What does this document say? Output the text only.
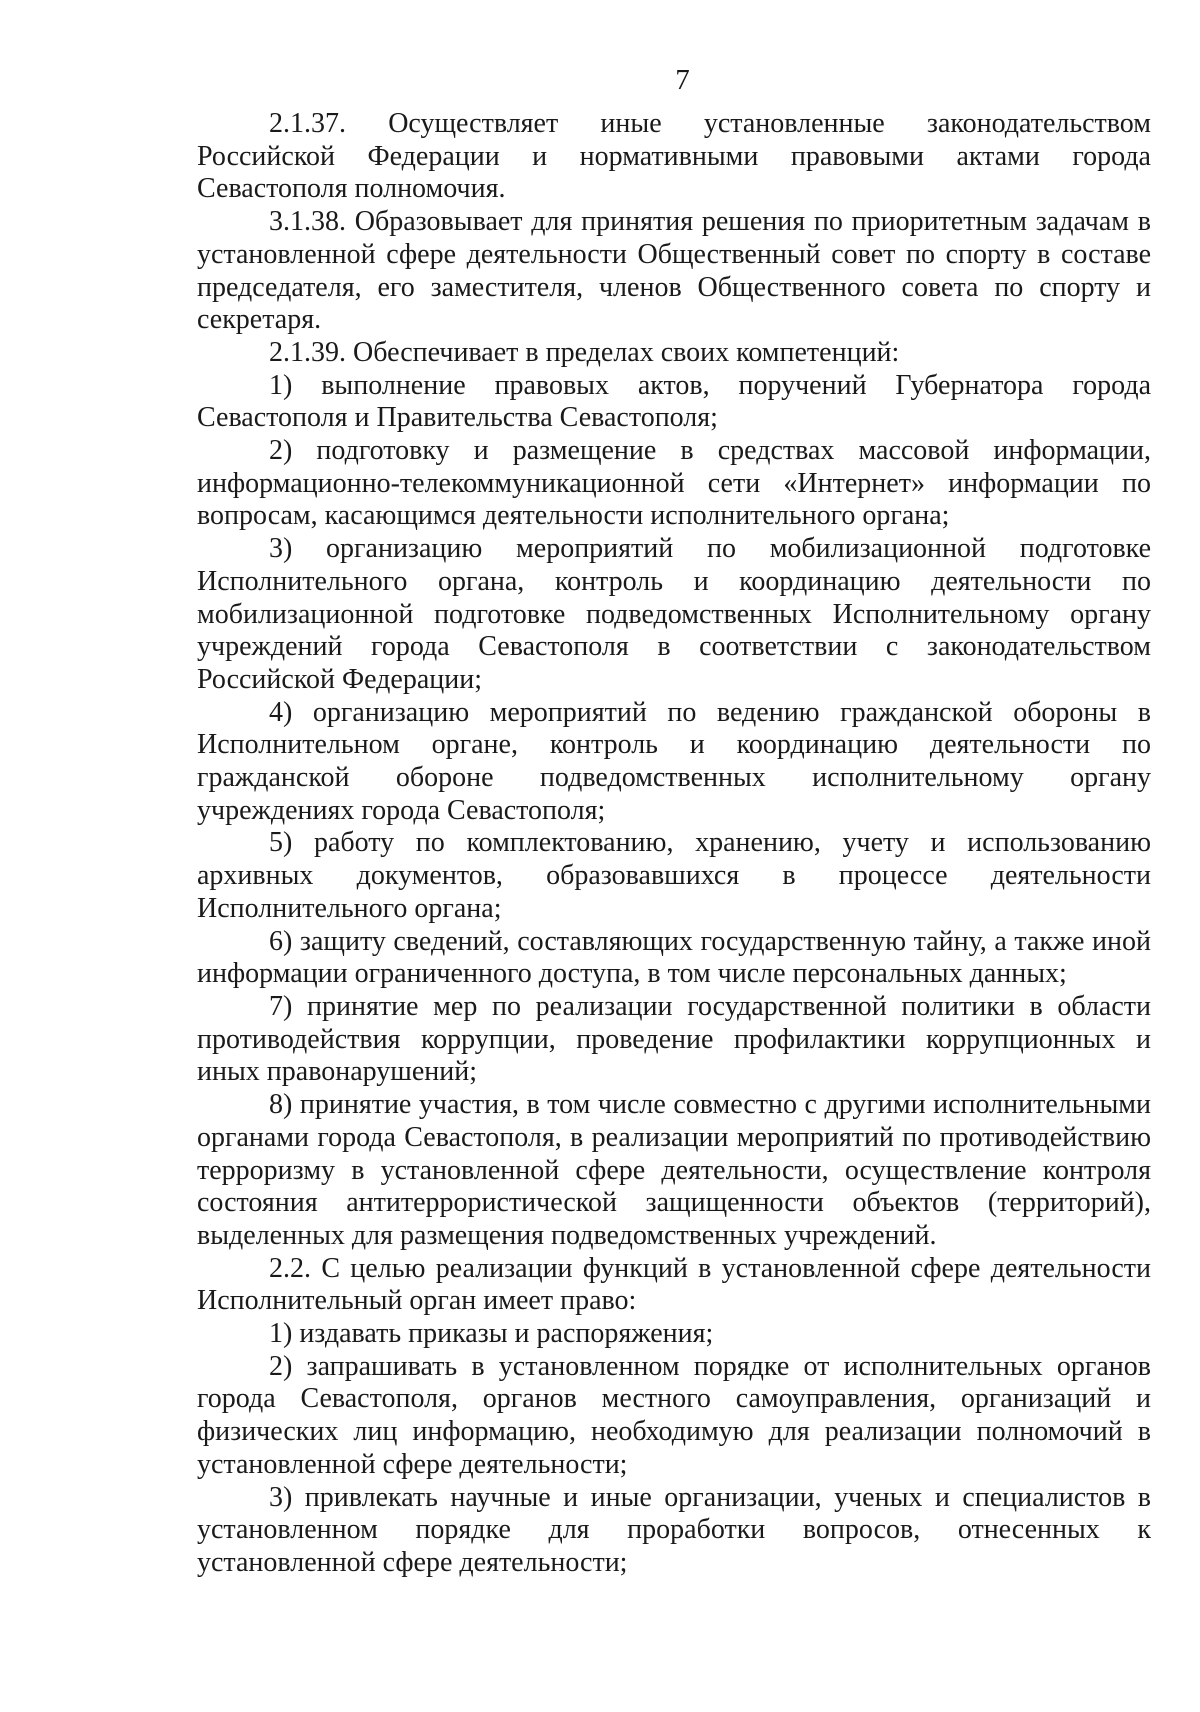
7

2.1.37. Осуществляет иные установленные законодательством Российской Федерации и нормативными правовыми актами города Севастополя полномочия.

3.1.38. Образовывает для принятия решения по приоритетным задачам в установленной сфере деятельности Общественный совет по спорту в составе председателя, его заместителя, членов Общественного совета по спорту и секретаря.

2.1.39. Обеспечивает в пределах своих компетенций:

1) выполнение правовых актов, поручений Губернатора города Севастополя и Правительства Севастополя;

2) подготовку и размещение в средствах массовой информации, информационно-телекоммуникационной сети «Интернет» информации по вопросам, касающимся деятельности исполнительного органа;

3) организацию мероприятий по мобилизационной подготовке Исполнительного органа, контроль и координацию деятельности по мобилизационной подготовке подведомственных Исполнительному органу учреждений города Севастополя в соответствии с законодательством Российской Федерации;

4) организацию мероприятий по ведению гражданской обороны в Исполнительном органе, контроль и координацию деятельности по гражданской обороне подведомственных исполнительному органу учреждениях города Севастополя;

5) работу по комплектованию, хранению, учету и использованию архивных документов, образовавшихся в процессе деятельности Исполнительного органа;

6) защиту сведений, составляющих государственную тайну, а также иной информации ограниченного доступа, в том числе персональных данных;

7) принятие мер по реализации государственной политики в области противодействия коррупции, проведение профилактики коррупционных и иных правонарушений;

8) принятие участия, в том числе совместно с другими исполнительными органами города Севастополя, в реализации мероприятий по противодействию терроризму в установленной сфере деятельности, осуществление контроля состояния антитеррористической защищенности объектов (территорий), выделенных для размещения подведомственных учреждений.

2.2. С целью реализации функций в установленной сфере деятельности Исполнительный орган имеет право:

1) издавать приказы и распоряжения;

2) запрашивать в установленном порядке от исполнительных органов города Севастополя, органов местного самоуправления, организаций и физических лиц информацию, необходимую для реализации полномочий в установленной сфере деятельности;

3) привлекать научные и иные организации, ученых и специалистов в установленном порядке для проработки вопросов, отнесенных к установленной сфере деятельности;
